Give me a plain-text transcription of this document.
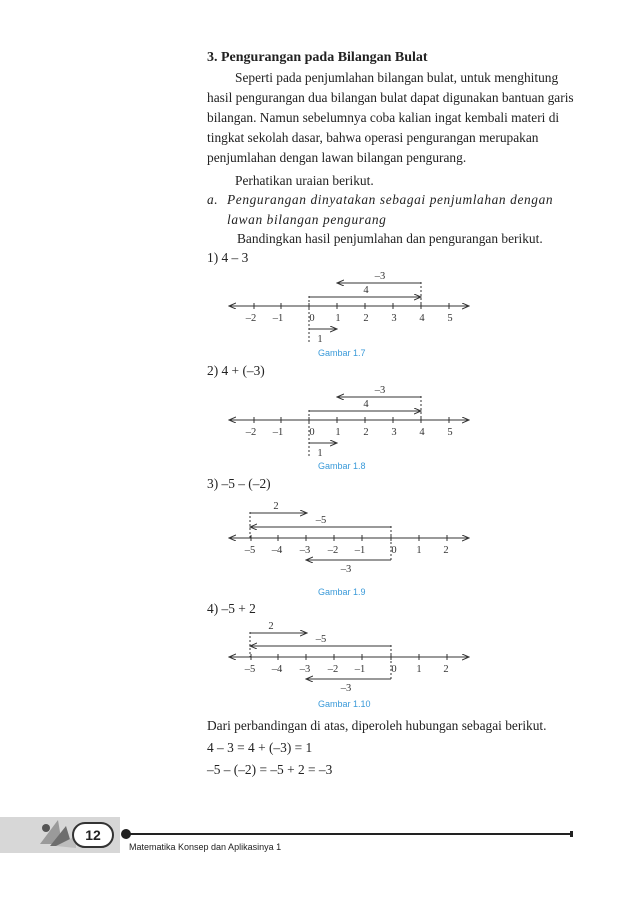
3. Pengurangan pada Bilangan Bulat
Seperti pada penjumlahan bilangan bulat, untuk menghitung
hasil pengurangan dua bilangan bulat dapat digunakan bantuan garis
bilangan. Namun sebelumnya coba kalian ingat kembali materi di
tingkat sekolah dasar, bahwa operasi pengurangan merupakan
penjumlahan dengan lawan bilangan pengurang.
Perhatikan uraian berikut.
a. Pengurangan dinyatakan sebagai penjumlahan dengan
lawan bilangan pengurang
Bandingkan hasil penjumlahan dan pengurangan berikut.
1) 4 – 3
–2 –1 0 1 2 3 4 5
–3
4
1
–2 –1 0 1 2 3 4 5
–3
4
1
–5 –4 –3 –2 –1 0 1 2
2
–5
–3
–5 –4 –3 –2 –1 0 1 2
2
–5
–3
Gambar 1.7
2) 4 + (–3)
Gambar 1.8
3) –5 – (–2)
Gambar 1.9
4) –5 + 2
Gambar 1.10
Dari perbandingan di atas, diperoleh hubungan sebagai berikut.
4 – 3 = 4 + (–3) = 1
–5 – (–2) = –5 + 2 = –3
12
Matematika Konsep dan Aplikasinya 1
